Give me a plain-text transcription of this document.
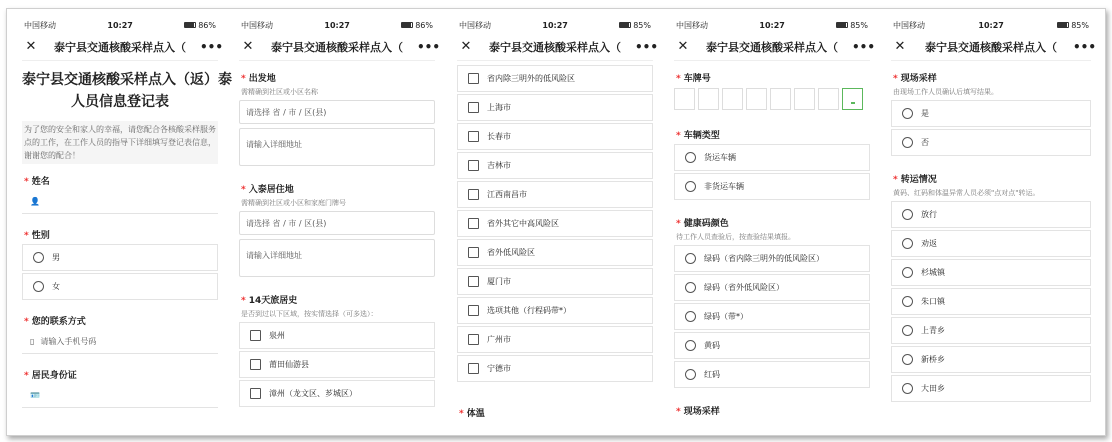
中国移动	10:27	86%
✕	泰宁县交通核酸采样点入（	•••
泰宁县交通核酸采样点入（返）泰
人员信息登记表
为了您的安全和家人的幸福，请您配合各核酸采样服务
点的工作，在工作人员的指导下详细填写登记表信息，
谢谢您的配合！
* 姓名
👤
* 性别
男
女
* 您的联系方式
▯ 请输入手机号码
* 居民身份证
🪪
中国移动	10:27	86%
✕	泰宁县交通核酸采样点入（	•••
* 出发地
需精确到社区或小区名称
请选择 省 / 市 / 区(县)
请输入详细地址
* 入泰居住地
需精确到社区或小区和家庭门牌号
请选择 省 / 市 / 区(县)
请输入详细地址
* 14天旅居史
是否到过以下区域，按实情选择（可多选）：
泉州
莆田仙游县
漳州（龙文区、芗城区）
中国移动	10:27	85%
✕	泰宁县交通核酸采样点入（	•••
省内除三明外的低风险区
上海市
长春市
吉林市
江西南昌市
省外其它中高风险区
省外低风险区
厦门市
选项其他（行程码带*）
广州市
宁德市
* 体温
中国移动	10:27	85%
✕	泰宁县交通核酸采样点入（	•••
* 车牌号
* 车辆类型
货运车辆
非货运车辆
* 健康码颜色
待工作人员查验后，按查验结果填报。
绿码（省内除三明外的低风险区）
绿码（省外低风险区）
绿码（带*）
黄码
红码
* 现场采样
中国移动	10:27	85%
✕	泰宁县交通核酸采样点入（	•••
* 现场采样
由现场工作人员确认后填写结果。
是
否
* 转运情况
黄码、红码和体温异常人员必须"点对点"转运。
放行
劝返
杉城镇
朱口镇
上青乡
新桥乡
大田乡
